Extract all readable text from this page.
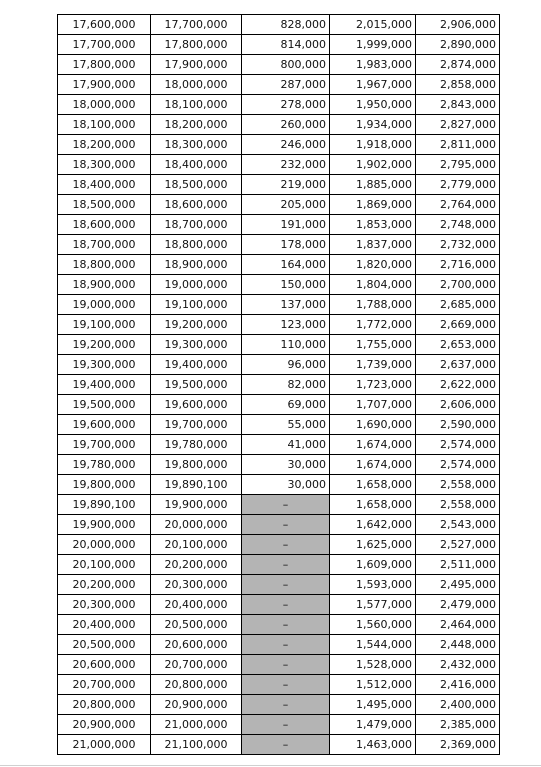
17,600,000	17,700,000	828,000	2,015,000	2,906,000
17,700,000	17,800,000	814,000	1,999,000	2,890,000
17,800,000	17,900,000	800,000	1,983,000	2,874,000
17,900,000	18,000,000	287,000	1,967,000	2,858,000
18,000,000	18,100,000	278,000	1,950,000	2,843,000
18,100,000	18,200,000	260,000	1,934,000	2,827,000
18,200,000	18,300,000	246,000	1,918,000	2,811,000
18,300,000	18,400,000	232,000	1,902,000	2,795,000
18,400,000	18,500,000	219,000	1,885,000	2,779,000
18,500,000	18,600,000	205,000	1,869,000	2,764,000
18,600,000	18,700,000	191,000	1,853,000	2,748,000
18,700,000	18,800,000	178,000	1,837,000	2,732,000
18,800,000	18,900,000	164,000	1,820,000	2,716,000
18,900,000	19,000,000	150,000	1,804,000	2,700,000
19,000,000	19,100,000	137,000	1,788,000	2,685,000
19,100,000	19,200,000	123,000	1,772,000	2,669,000
19,200,000	19,300,000	110,000	1,755,000	2,653,000
19,300,000	19,400,000	96,000	1,739,000	2,637,000
19,400,000	19,500,000	82,000	1,723,000	2,622,000
19,500,000	19,600,000	69,000	1,707,000	2,606,000
19,600,000	19,700,000	55,000	1,690,000	2,590,000
19,700,000	19,780,000	41,000	1,674,000	2,574,000
19,780,000	19,800,000	30,000	1,674,000	2,574,000
19,800,000	19,890,100	30,000	1,658,000	2,558,000
19,890,100	19,900,000	–	1,658,000	2,558,000
19,900,000	20,000,000	–	1,642,000	2,543,000
20,000,000	20,100,000	–	1,625,000	2,527,000
20,100,000	20,200,000	–	1,609,000	2,511,000
20,200,000	20,300,000	–	1,593,000	2,495,000
20,300,000	20,400,000	–	1,577,000	2,479,000
20,400,000	20,500,000	–	1,560,000	2,464,000
20,500,000	20,600,000	–	1,544,000	2,448,000
20,600,000	20,700,000	–	1,528,000	2,432,000
20,700,000	20,800,000	–	1,512,000	2,416,000
20,800,000	20,900,000	–	1,495,000	2,400,000
20,900,000	21,000,000	–	1,479,000	2,385,000
21,000,000	21,100,000	–	1,463,000	2,369,000
